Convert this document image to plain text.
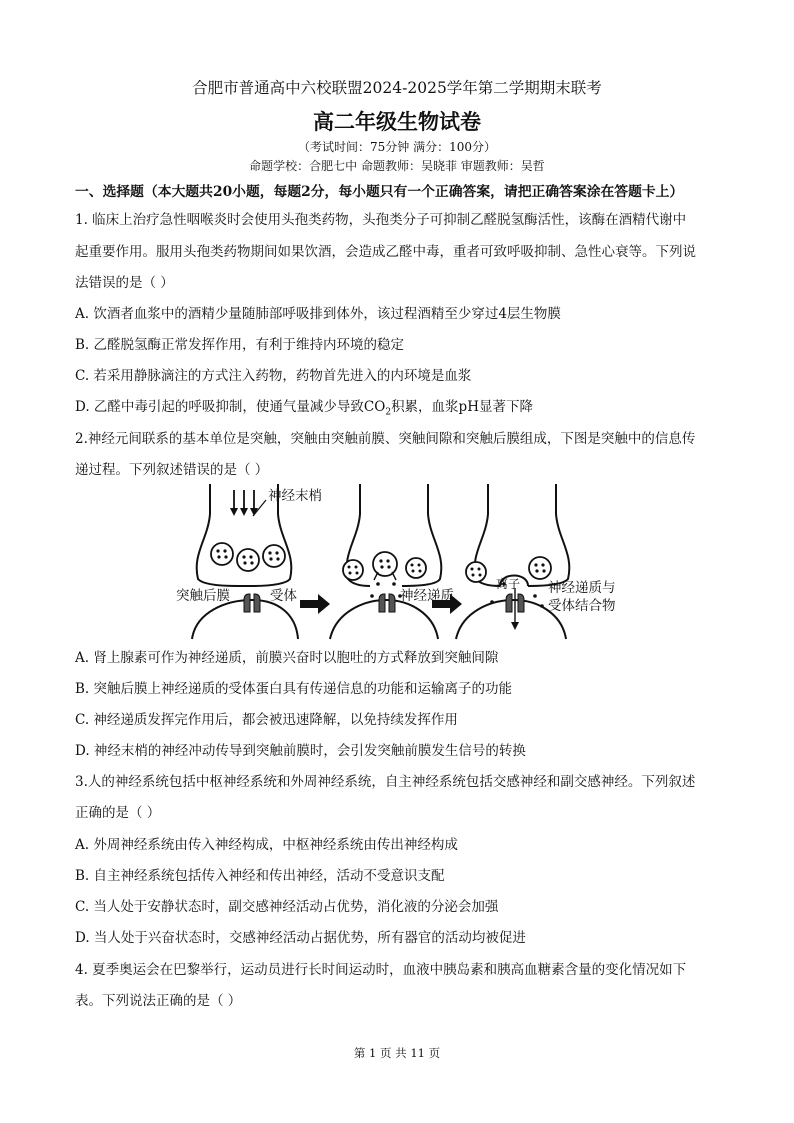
合肥市普通高中六校联盟2024-2025学年第二学期期末联考
高二年级生物试卷
（考试时间：75分钟 满分：100分）
命题学校：合肥七中 命题教师：吴晓菲 审题教师：吴哲
一、选择题（本大题共20小题，每题2分，每小题只有一个正确答案，请把正确答案涂在答题卡上）
1. 临床上治疗急性咽喉炎时会使用头孢类药物，头孢类分子可抑制乙醛脱氢酶活性，该酶在酒精代谢中
起重要作用。服用头孢类药物期间如果饮酒，会造成乙醛中毒，重者可致呼吸抑制、急性心衰等。下列说
法错误的是（ ）
A. 饮酒者血浆中的酒精少量随肺部呼吸排到体外，该过程酒精至少穿过4层生物膜
B. 乙醛脱氢酶正常发挥作用，有利于维持内环境的稳定
C. 若采用静脉滴注的方式注入药物，药物首先进入的内环境是血浆
D. 乙醛中毒引起的呼吸抑制，使通气量减少导致$CO_2$积累，血浆pH显著下降
2.神经元间联系的基本单位是突触，突触由突触前膜、突触间隙和突触后膜组成，下图是突触中的信息传
递过程。下列叙述错误的是（ ）
神经末梢
突触后膜	受体	神经递质
离子 神经递质与
受体结合物
A. 肾上腺素可作为神经递质，前膜兴奋时以胞吐的方式释放到突触间隙
B. 突触后膜上神经递质的受体蛋白具有传递信息的功能和运输离子的功能
C. 神经递质发挥完作用后，都会被迅速降解，以免持续发挥作用
D. 神经末梢的神经冲动传导到突触前膜时，会引发突触前膜发生信号的转换
3.人的神经系统包括中枢神经系统和外周神经系统，自主神经系统包括交感神经和副交感神经。下列叙述
正确的是（ ）
A. 外周神经系统由传入神经构成，中枢神经系统由传出神经构成
B. 自主神经系统包括传入神经和传出神经，活动不受意识支配
C. 当人处于安静状态时，副交感神经活动占优势，消化液的分泌会加强
D. 当人处于兴奋状态时，交感神经活动占据优势，所有器官的活动均被促进
4. 夏季奥运会在巴黎举行，运动员进行长时间运动时，血液中胰岛素和胰高血糖素含量的变化情况如下
表。下列说法正确的是（ ）
第 1 页 共 11 页
